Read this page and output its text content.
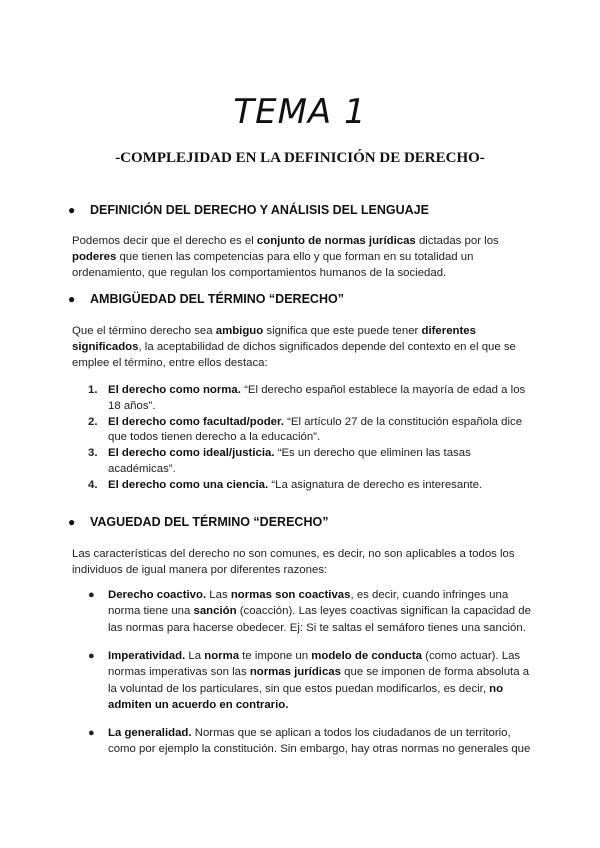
TEMA 1
-COMPLEJIDAD EN LA DEFINICIÓN DE DERECHO-
● DEFINICIÓN DEL DERECHO Y ANÁLISIS DEL LENGUAJE
Podemos decir que el derecho es el conjunto de normas jurídicas dictadas por los poderes que tienen las competencias para ello y que forman en su totalidad un ordenamiento, que regulan los comportamientos humanos de la sociedad.
● AMBIGÜEDAD DEL TÉRMINO “DERECHO”
Que el término derecho sea ambiguo significa que este puede tener diferentes significados, la aceptabilidad de dichos significados depende del contexto en el que se emplee el término, entre ellos destaca:
1. El derecho como norma. “El derecho español establece la mayoría de edad a los 18 años”.
2. El derecho como facultad/poder. “El artículo 27 de la constitución española dice que todos tienen derecho a la educación”.
3. El derecho como ideal/justicia. “Es un derecho que eliminen las tasas académicas”.
4. El derecho como una ciencia. “La asignatura de derecho es interesante.
● VAGUEDAD DEL TÉRMINO “DERECHO”
Las características del derecho no son comunes, es decir, no son aplicables a todos los individuos de igual manera por diferentes razones:
● Derecho coactivo. Las normas son coactivas, es decir, cuando infringes una norma tiene una sanción (coacción). Las leyes coactivas significan la capacidad de las normas para hacerse obedecer. Ej: Si te saltas el semáforo tienes una sanción.
● Imperatividad. La norma te impone un modelo de conducta (como actuar). Las normas imperativas son las normas jurídicas que se imponen de forma absoluta a la voluntad de los particulares, sin que estos puedan modificarlos, es decir, no admiten un acuerdo en contrario.
● La generalidad. Normas que se aplican a todos los ciudadanos de un territorio, como por ejemplo la constitución. Sin embargo, hay otras normas no generales que
